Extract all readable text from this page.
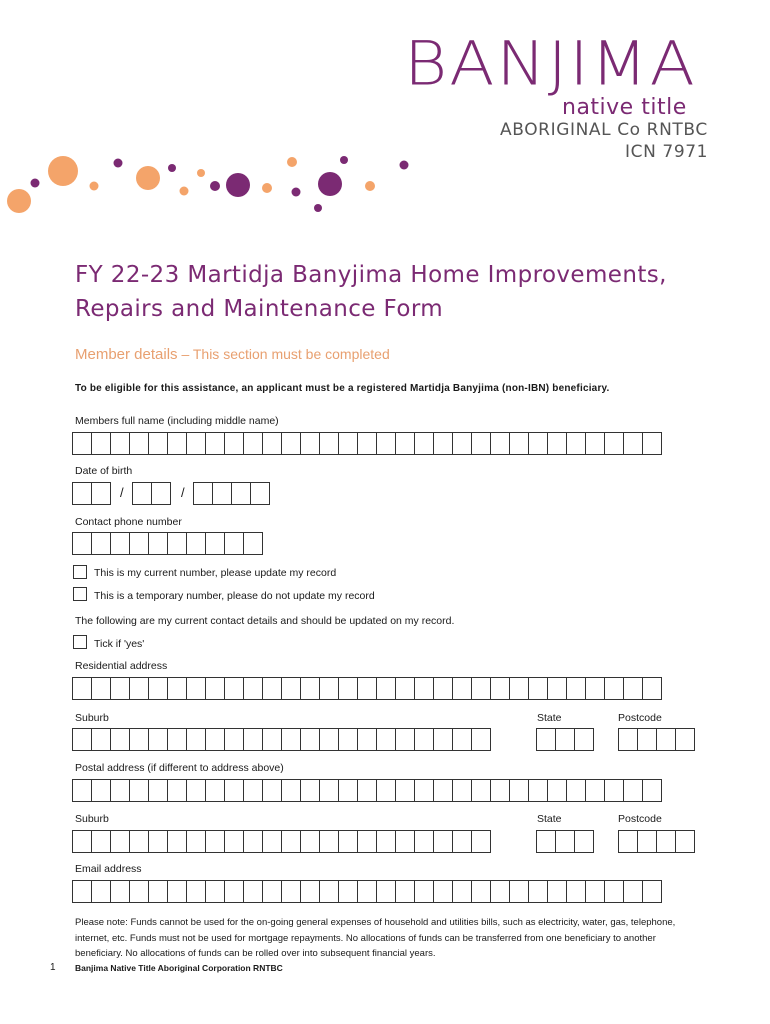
BANJIMA
native title
ABORIGINAL Co RNTBC
ICN 7971
FY 22-23 Martidja Banyjima Home Improvements, Repairs and Maintenance Form
Member details – This section must be completed
To be eligible for this assistance, an applicant must be a registered Martidja Banyjima (non-IBN) beneficiary.
Members full name (including middle name)
Date of birth
/	/
Contact phone number
This is my current number, please update my record
This is a temporary number, please do not update my record
The following are my current contact details and should be updated on my record.
Tick if 'yes'
Residential address
Suburb	State	Postcode
Postal address (if different to address above)
Suburb	State	Postcode
Email address
Please note: Funds cannot be used for the on-going general expenses of household and utilities bills, such as electricity, water, gas, telephone, internet, etc. Funds must not be used for mortgage repayments. No allocations of funds can be transferred from one beneficiary to another beneficiary. No allocations of funds can be rolled over into subsequent financial years.
1 Banjima Native Title Aboriginal Corporation RNTBC
